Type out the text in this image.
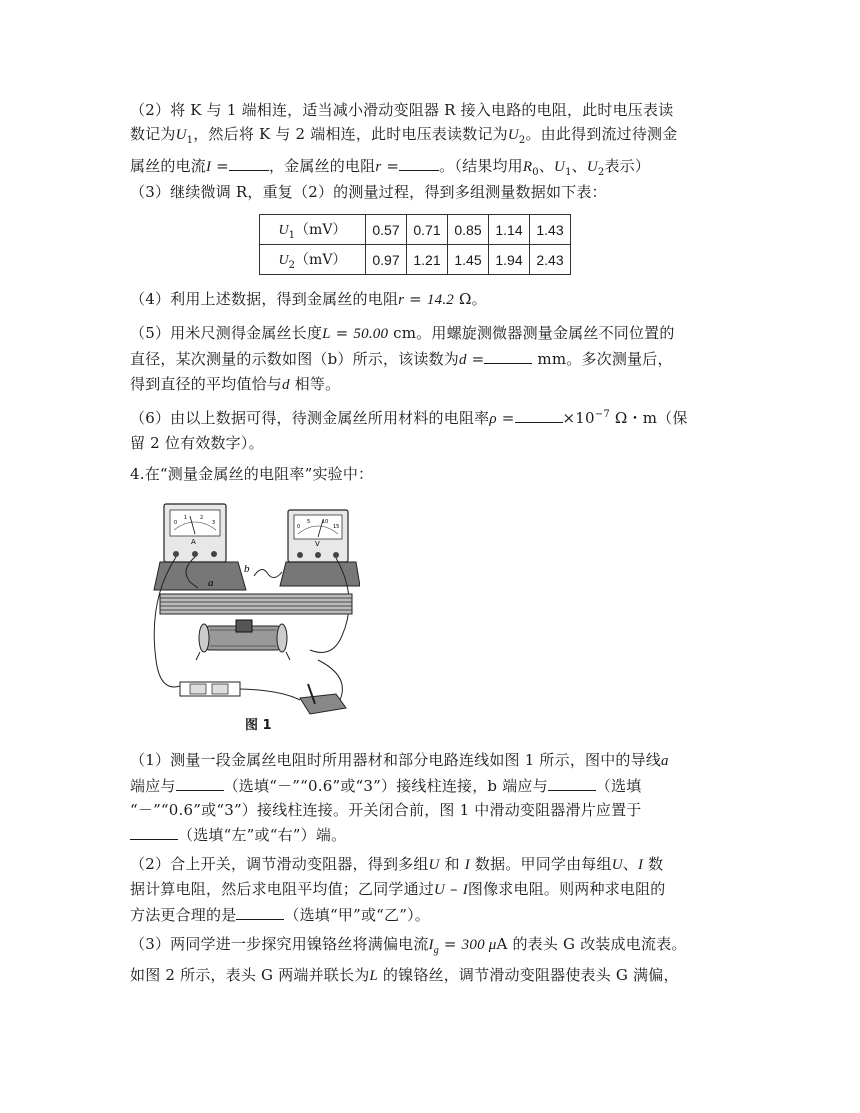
（2）将 K 与 1 端相连，适当减小滑动变阻器 R 接入电路的电阻，此时电压表读

数记为$U_1$，然后将 K 与 2 端相连，此时电压表读数记为$U_2$。由此得到流过待测金

属丝的电流I =	，金属丝的电阻r =	。（结果均用$R_0$、$U_1$、$U_2$表示）

（3）继续微调 R，重复（2）的测量过程，得到多组测量数据如下表：

$U_1(mV)$	0.57	0.71	0.85	1.14	1.43
$U_2(mV)$	0.97	1.21	1.45	1.94	2.43

（4）利用上述数据，得到金属丝的电阻r = 14.2 Ω。

（5）用米尺测得金属丝长度L = 50.00 cm。用螺旋测微器测量金属丝不同位置的

直径，某次测量的示数如图（b）所示，该读数为d =	mm。多次测量后，

得到直径的平均值恰与d 相等。

（6）由以上数据可得，待测金属丝所用材料的电阻率ρ =	$\times 10^{-7}$ Ω・m（保

留 2 位有效数字）。

4.在“测量金属丝的电阻率”实验中：

0
1	2
3
A
0
5 10
15
V
a
b
图 1

（1）测量一段金属丝电阻时所用器材和部分电路连线如图 1 所示，图中的导线a

端应与	（选填“－”“0.6”或“3”）接线柱连接，b 端应与	（选填

“－”“0.6”或“3”）接线柱连接。开关闭合前，图 1 中滑动变阻器滑片应置于

（选填“左”或“右”）端。

（2）合上开关，调节滑动变阻器，得到多组U 和 I 数据。甲同学由每组U、I 数

据计算电阻，然后求电阻平均值；乙同学通过U – I图像求电阻。则两种求电阻的

方法更合理的是	（选填“甲”或“乙”）。

（3）两同学进一步探究用镍铬丝将满偏电流$I_g = 300$ μA 的表头 G 改装成电流表。

如图 2 所示，表头 G 两端并联长为L 的镍铬丝，调节滑动变阻器使表头 G 满偏，
